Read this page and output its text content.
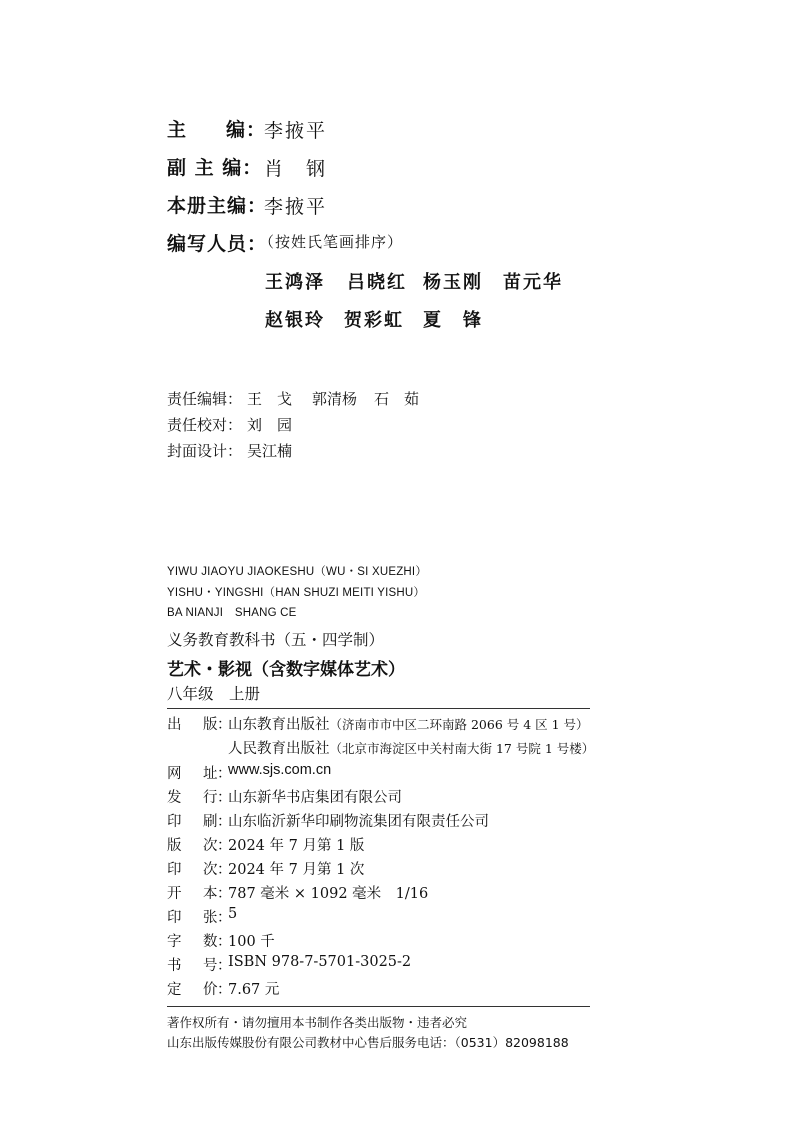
主 编 ：
李掖平
副 主 编： 肖　钢
本册主编：
李掖平
编写人员：
（按姓氏笔画排序）
王鸿泽 吕晓红 杨玉刚 苗元华
赵银玲 贺彩虹 夏　锋
责任编辑： 王　戈 郭清杨 石　茹
责任校对： 刘　园
封面设计： 吴江楠
YIWU JIAOYU JIAOKESHU（WU・SI XUEZHI）
YISHU・YINGSHI（HAN SHUZI MEITI YISHU）
BA NIANJI　SHANG CE
义务教育教科书（五・四学制）
艺术・影视（含数字媒体艺术）
八年级　上册
出 版 ：
山东教育出版社（济南市市中区二环南路 2066 号 4 区 1 号）
人民教育出版社（北京市海淀区中关村南大街 17 号院 1 号楼）
网 址 ：
www.sjs.com.cn
发 行 ：
山东新华书店集团有限公司
印 刷 ：
山东临沂新华印刷物流集团有限责任公司
版 次 ：
2024 年 7 月第 1 版
印 次 ：
2024 年 7 月第 1 次
开 本 ：
787 毫米 × 1092 毫米　1/16
印 张 ：
5
字 数 ：
100 千
书 号 ：
ISBN 978-7-5701-3025-2
定 价 ：
7.67 元
著作权所有・请勿擅用本书制作各类出版物・违者必究
山东出版传媒股份有限公司教材中心售后服务电话：（0531）82098188
